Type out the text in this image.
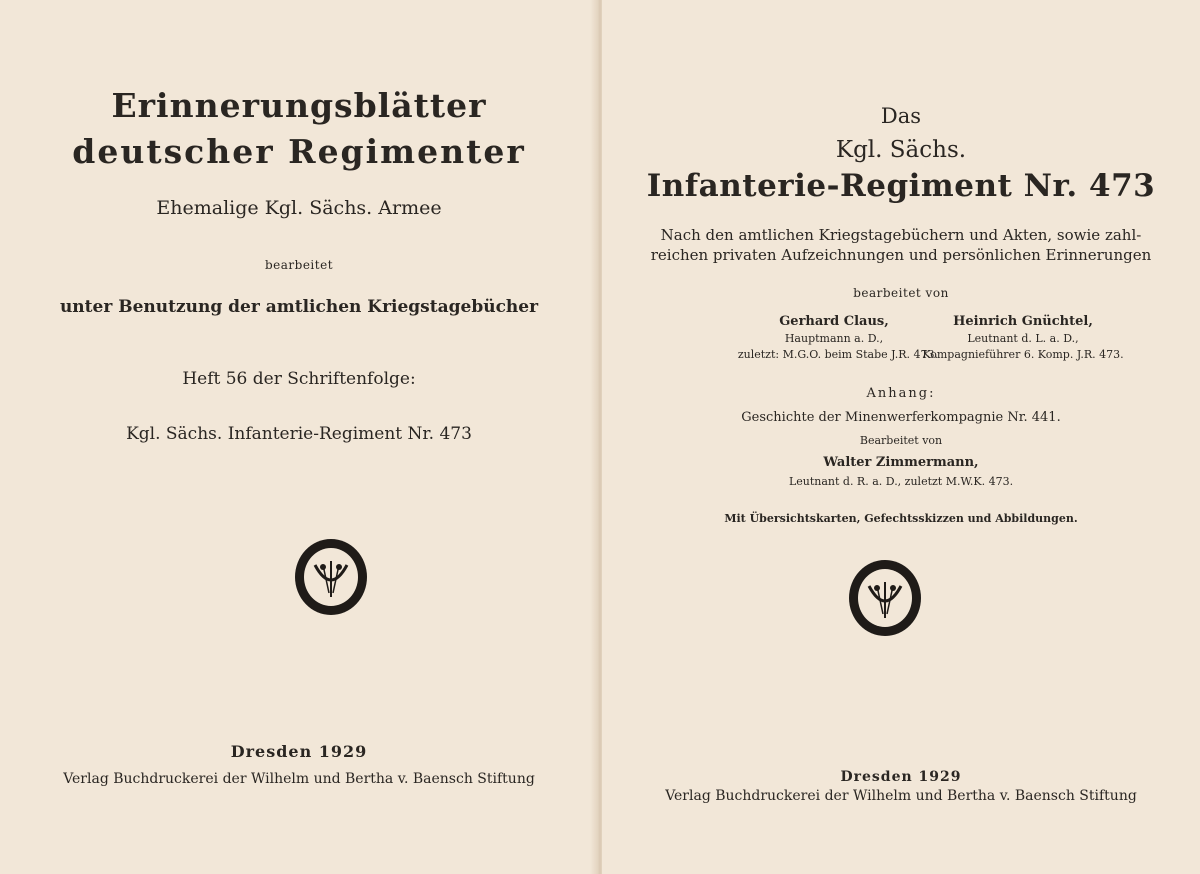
Erinnerungsblätter
deutscher Regimenter
Ehemalige Kgl. Sächs. Armee
bearbeitet
unter Benutzung der amtlichen Kriegstagebücher
Heft 56 der Schriftenfolge:
Kgl. Sächs. Infanterie-Regiment Nr. 473
Dresden 1929
Verlag Buchdruckerei der Wilhelm und Bertha v. Baensch Stiftung
Das
Kgl. Sächs.
Infanterie-Regiment Nr. 473
Nach den amtlichen Kriegstagebüchern und Akten, sowie zahl-
reichen privaten Aufzeichnungen und persönlichen Erinnerungen
bearbeitet von
Gerhard Claus,
Hauptmann a. D.,
zuletzt: M.G.O. beim Stabe J.R. 473.
Heinrich Gnüchtel,
Leutnant d. L. a. D.,
Kompagnieführer 6. Komp. J.R. 473.
Anhang:
Geschichte der Minenwerferkompagnie Nr. 441.
Bearbeitet von
Walter Zimmermann,
Leutnant d. R. a. D., zuletzt M.W.K. 473.
Mit Übersichtskarten, Gefechtsskizzen und Abbildungen.
Dresden 1929
Verlag Buchdruckerei der Wilhelm und Bertha v. Baensch Stiftung
